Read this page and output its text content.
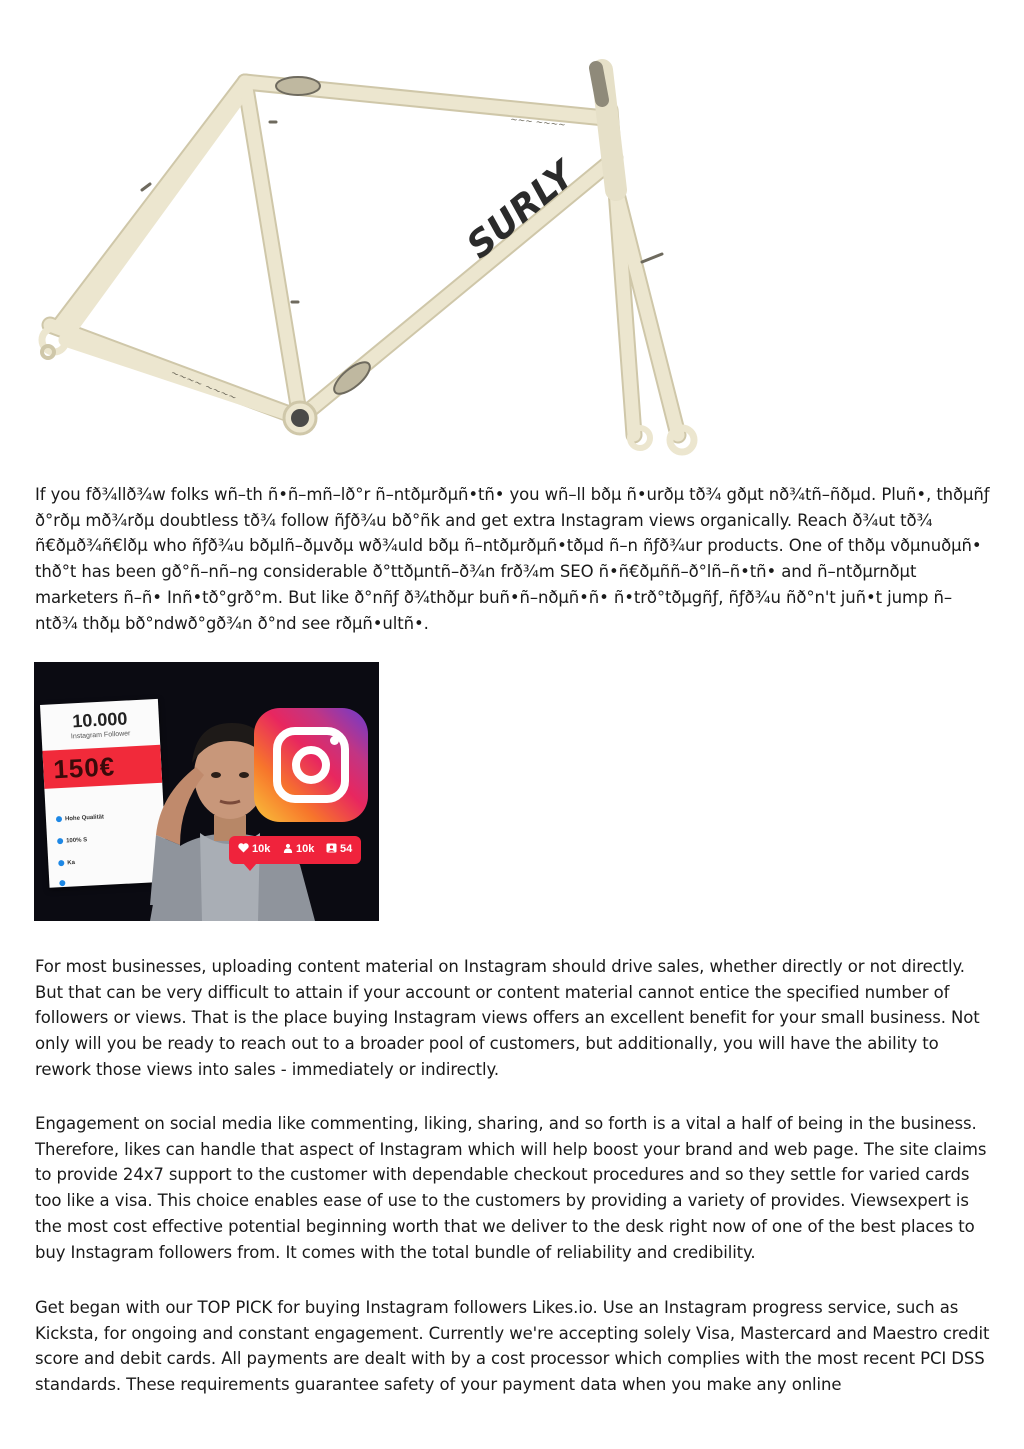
SURLY
~~~ ~~~~
~~~~ ~~~~

If you fð¾llð¾w folks wñ–th ñ•ñ–mñ–lð°r ñ–ntðµrðµñ•tñ• you wñ–ll bðµ ñ•urðµ tð¾ gðµt nð¾tñ–ñðµd. Pluñ•, thðµñƒ ð°rðµ mð¾rðµ doubtless tð¾ follow ñƒð¾u bð°ñk and get extra Instagram views organically. Reach ð¾ut tð¾ ñ€ðµð¾ñ€lðµ who ñƒð¾u bðµlñ–ðµvðµ wð¾uld bðµ ñ–ntðµrðµñ•tðµd ñ–n ñƒð¾ur products. One of thðµ vðµnuðµñ• thð°t has been gð°ñ–nñ–ng considerable ð°ttðµntñ–ð¾n frð¾m SEO ñ•ñ€ðµññ–ð°lñ–ñ•tñ• and ñ–ntðµrnðµt marketers ñ–ñ• Inñ•tð°grð°m. But like ð°nñƒ ð¾thðµr buñ•ñ–nðµñ•ñ• ñ•trð°tðµgñƒ, ñƒð¾u ñð°n't juñ•t jump ñ–ntð¾ thðµ bð°ndwð°gð¾n ð°nd see rðµñ•ultñ•.

10.000
Instagram Follower
150€
Hohe Qualität
100% S
Ka
10k	10k	54

For most businesses, uploading content material on Instagram should drive sales, whether directly or not directly. But that can be very difficult to attain if your account or content material cannot entice the specified number of followers or views. That is the place buying Instagram views offers an excellent benefit for your small business. Not only will you be ready to reach out to a broader pool of customers, but additionally, you will have the ability to rework those views into sales - immediately or indirectly.

Engagement on social media like commenting, liking, sharing, and so forth is a vital a half of being in the business. Therefore, likes can handle that aspect of Instagram which will help boost your brand and web page. The site claims to provide 24x7 support to the customer with dependable checkout procedures and so they settle for varied cards too like a visa. This choice enables ease of use to the customers by providing a variety of provides. Viewsexpert is the most cost effective potential beginning worth that we deliver to the desk right now of one of the best places to buy Instagram followers from. It comes with the total bundle of reliability and credibility.

Get began with our TOP PICK for buying Instagram followers Likes.io. Use an Instagram progress service, such as Kicksta, for ongoing and constant engagement. Currently we're accepting solely Visa, Mastercard and Maestro credit score and debit cards. All payments are dealt with by a cost processor which complies with the most recent PCI DSS standards. These requirements guarantee safety of your payment data when you make any online
